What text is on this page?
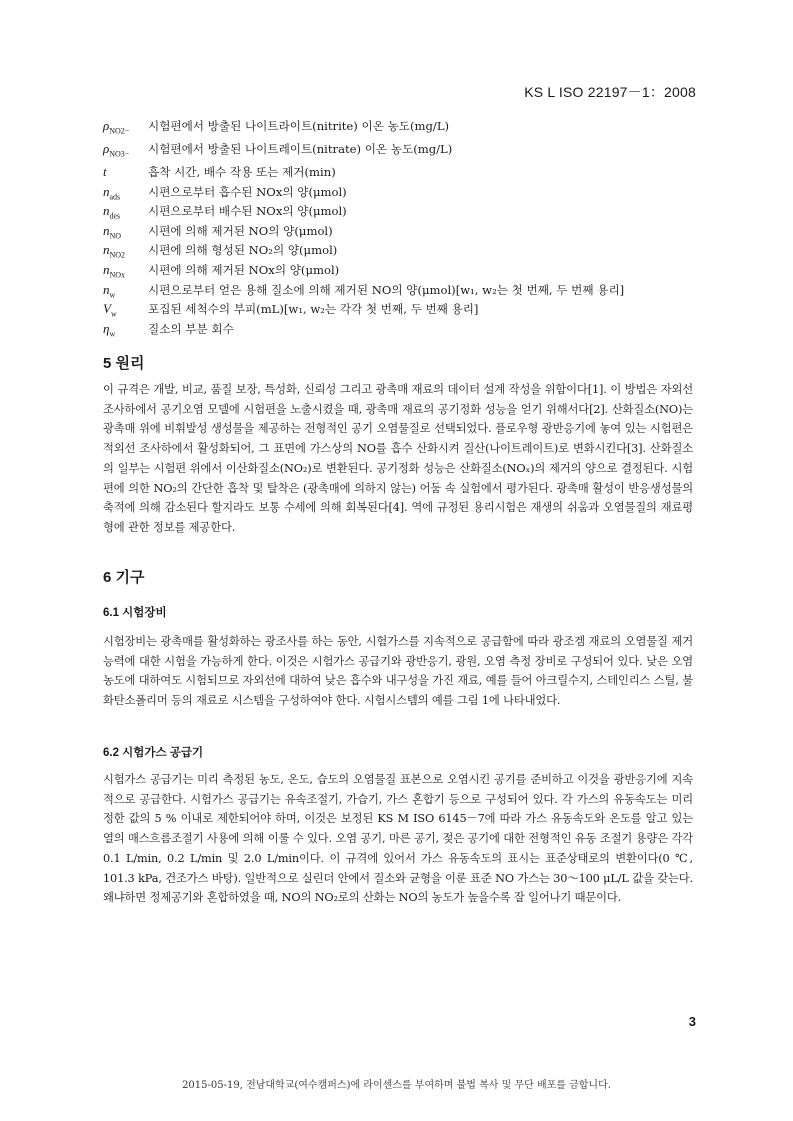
KS L ISO 22197－1：2008
$\rho_{NO2-}$	시험편에서 방출된 나이트라이트(nitrite) 이온 농도(mg/L)
$\rho_{NO3-}$	시험편에서 방출된 나이트레이트(nitrate) 이온 농도(mg/L)
t	흡착 시간, 배수 작용 또는 제거(min)
$n_{ads}$	시편으로부터 흡수된 NOx의 양(μmol)
$n_{des}$	시편으로부터 배수된 NOx의 양(μmol)
$n_{NO}$	시편에 의해 제거된 NO의 양(μmol)
$n_{NO2}$	시편에 의해 형성된 NO₂의 양(μmol)
$n_{NOx}$	시편에 의해 제거된 NOx의 양(μmol)
$n_w$	시편으로부터 얻은 용해 질소에 의해 제거된 NO의 양(μmol)[w₁, w₂는 첫 번째, 두 번째 용리]
$V_w$	포집된 세척수의 부피(mL)[w₁, w₂는 각각 첫 번째, 두 번째 용리]
$\eta_w$	질소의 부분 회수
5 원리

이 규격은 개발, 비교, 품질 보장, 특성화, 신뢰성 그리고 광촉매 재료의 데이터 설계 작성을 위함이다[1]. 이 방법은 자외선 조사하에서 공기오염 모델에 시험편을 노출시켰을 때, 광촉매 재료의 공기정화 성능을 얻기 위해서다[2]. 산화질소(NO)는 광촉매 위에 비휘발성 생성물을 제공하는 전형적인 공기 오염물질로 선택되었다. 플로우형 광반응기에 놓여 있는 시험편은 적외선 조사하에서 활성화되어, 그 표면에 가스상의 NO를 흡수 산화시켜 질산(나이트레이트)로 변화시킨다[3]. 산화질소의 일부는 시험편 위에서 이산화질소(NO₂)로 변환된다. 공기정화 성능은 산화질소(NOₓ)의 제거의 양으로 결정된다. 시험편에 의한 NO₂의 간단한 흡착 및 탈착은 (광촉매에 의하지 않는) 어둠 속 실험에서 평가된다. 광촉매 활성이 반응생성물의 축적에 의해 감소된다 할지라도 보통 수세에 의해 회복된다[4]. 역에 규정된 용리시험은 재생의 쉬움과 오염물질의 재료평형에 관한 정보를 제공한다.

6 기구
6.1 시험장비

시험장비는 광촉매를 활성화하는 광조사를 하는 동안, 시험가스를 지속적으로 공급함에 따라 광조겜 재료의 오염물질 제거 능력에 대한 시험을 가능하게 한다. 이것은 시험가스 공급기와 광반응기, 광원, 오염 측정 장비로 구성되어 있다. 낮은 오염 농도에 대하여도 시험되므로 자외선에 대하여 낮은 흡수와 내구성을 가진 재료, 예를 들어 아크릴수지, 스테인리스 스틸, 불화탄소폴리머 등의 재료로 시스템을 구성하여야 한다. 시험시스템의 예를 그림 1에 나타내었다.

6.2 시험가스 공급기

시험가스 공급기는 미리 측정된 농도, 온도, 습도의 오염물질 표본으로 오염시킨 공기를 준비하고 이것을 광반응기에 지속적으로 공급한다. 시험가스 공급기는 유속조절기, 가습기, 가스 혼합기 등으로 구성되어 있다. 각 가스의 유동속도는 미리 정한 값의 5 % 이내로 제한되어야 하며, 이것은 보정된 KS M ISO 6145－7에 따라 가스 유동속도와 온도를 알고 있는 열의 매스흐름조절기 사용에 의해 이룰 수 있다. 오염 공기, 마른 공기, 젖은 공기에 대한 전형적인 유동 조절기 용량은 각각 0.1 L/min, 0.2 L/min 및 2.0 L/min이다. 이 규격에 있어서 가스 유동속도의 표시는 표준상태로의 변환이다(0 ℃, 101.3 kPa, 건조가스 바탕). 일반적으로 실린더 안에서 질소와 균형을 이룬 표준 NO 가스는 30～100 μL/L 값을 갖는다. 왜냐하면 정제공기와 혼합하였을 때, NO의 NO₂로의 산화는 NO의 농도가 높을수록 잘 일어나기 때문이다.

3
2015-05-19, 전남대학교(여수캠퍼스)에 라이센스를 부여하며 불법 복사 및 무단 배포를 금합니다.
